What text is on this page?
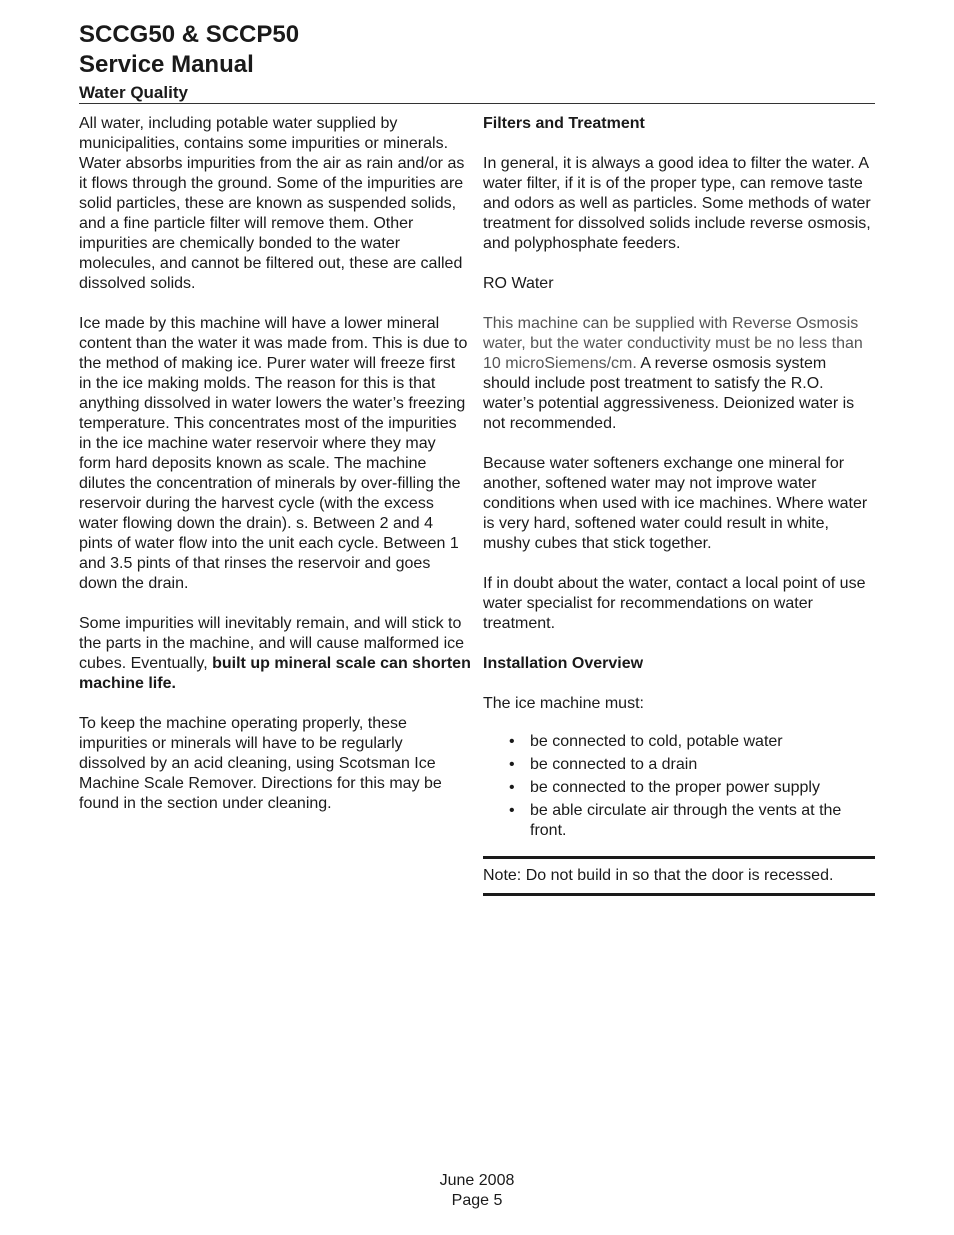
SCCG50 & SCCP50
Service Manual
Water Quality

All water, including potable water supplied by municipalities, contains some impurities or minerals. Water absorbs impurities from the air as rain and/or as it flows through the ground. Some of the impurities are solid particles, these are known as suspended solids, and a fine particle filter will remove them. Other impurities are chemically bonded to the water molecules, and cannot be filtered out, these are called dissolved solids.

Ice made by this machine will have a lower mineral content than the water it was made from. This is due to the method of making ice. Purer water will freeze first in the ice making molds. The reason for this is that anything dissolved in water lowers the water’s freezing temperature. This concentrates most of the impurities in the ice machine water reservoir where they may form hard deposits known as scale. The machine dilutes the concentration of minerals by over-filling the reservoir during the harvest cycle (with the excess water flowing down the drain). s. Between 2 and 4 pints of water flow into the unit each cycle. Between 1 and 3.5 pints of that rinses the reservoir and goes down the drain.

Some impurities will inevitably remain, and will stick to the parts in the machine, and will cause malformed ice cubes. Eventually, built up mineral scale can shorten machine life.

To keep the machine operating properly, these impurities or minerals will have to be regularly dissolved by an acid cleaning, using Scotsman Ice Machine Scale Remover. Directions for this may be found in the section under cleaning.

Filters and Treatment

In general, it is always a good idea to filter the water. A water filter, if it is of the proper type, can remove taste and odors as well as particles. Some methods of water treatment for dissolved solids include reverse osmosis, and polyphosphate feeders.

RO Water

This machine can be supplied with Reverse Osmosis water, but the water conductivity must be no less than 10 microSiemens/cm. A reverse osmosis system should include post treatment to satisfy the R.O. water’s potential aggressiveness. Deionized water is not recommended.

Because water softeners exchange one mineral for another, softened water may not improve water conditions when used with ice machines. Where water is very hard, softened water could result in white, mushy cubes that stick together.

If in doubt about the water, contact a local point of use water specialist for recommendations on water treatment.

Installation Overview

The ice machine must:

• be connected to cold, potable water
• be connected to a drain
• be connected to the proper power supply
• be able circulate air through the vents at the front.
Note: Do not build in so that the door is recessed.
June 2008
Page 5
